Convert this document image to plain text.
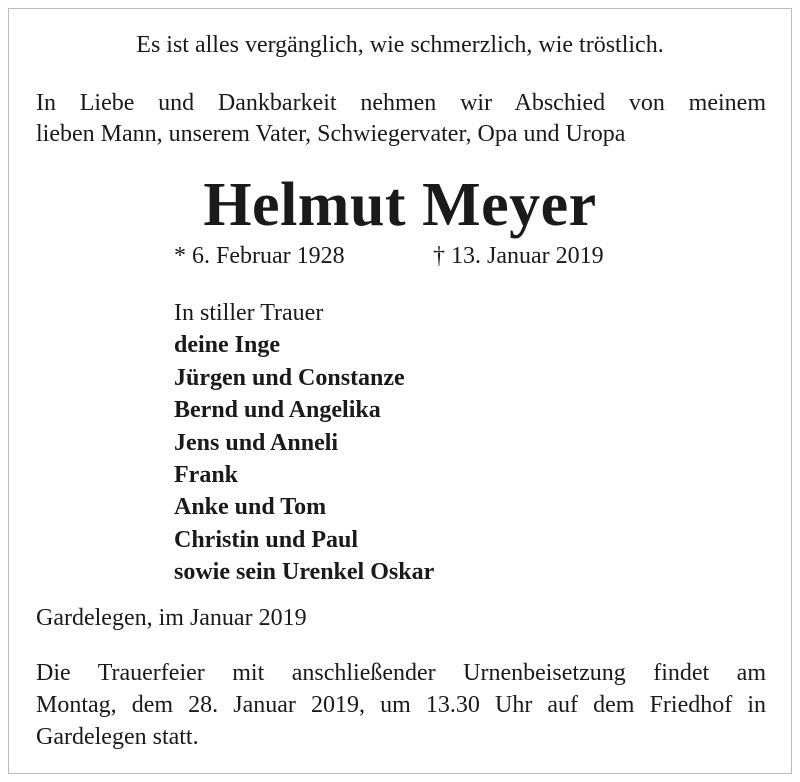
Es ist alles vergänglich, wie schmerzlich, wie tröstlich.
In Liebe und Dankbarkeit nehmen wir Abschied von meinem
lieben Mann, unserem Vater, Schwiegervater, Opa und Uropa
Helmut Meyer
* 6. Februar 1928	† 13. Januar 2019
In stiller Trauer
deine Inge
Jürgen und Constanze
Bernd und Angelika
Jens und Anneli
Frank
Anke und Tom
Christin und Paul
sowie sein Urenkel Oskar
Gardelegen, im Januar 2019
Die Trauerfeier mit anschließender Urnenbeisetzung findet am
Montag, dem 28. Januar 2019, um 13.30 Uhr auf dem Friedhof in
Gardelegen statt.
